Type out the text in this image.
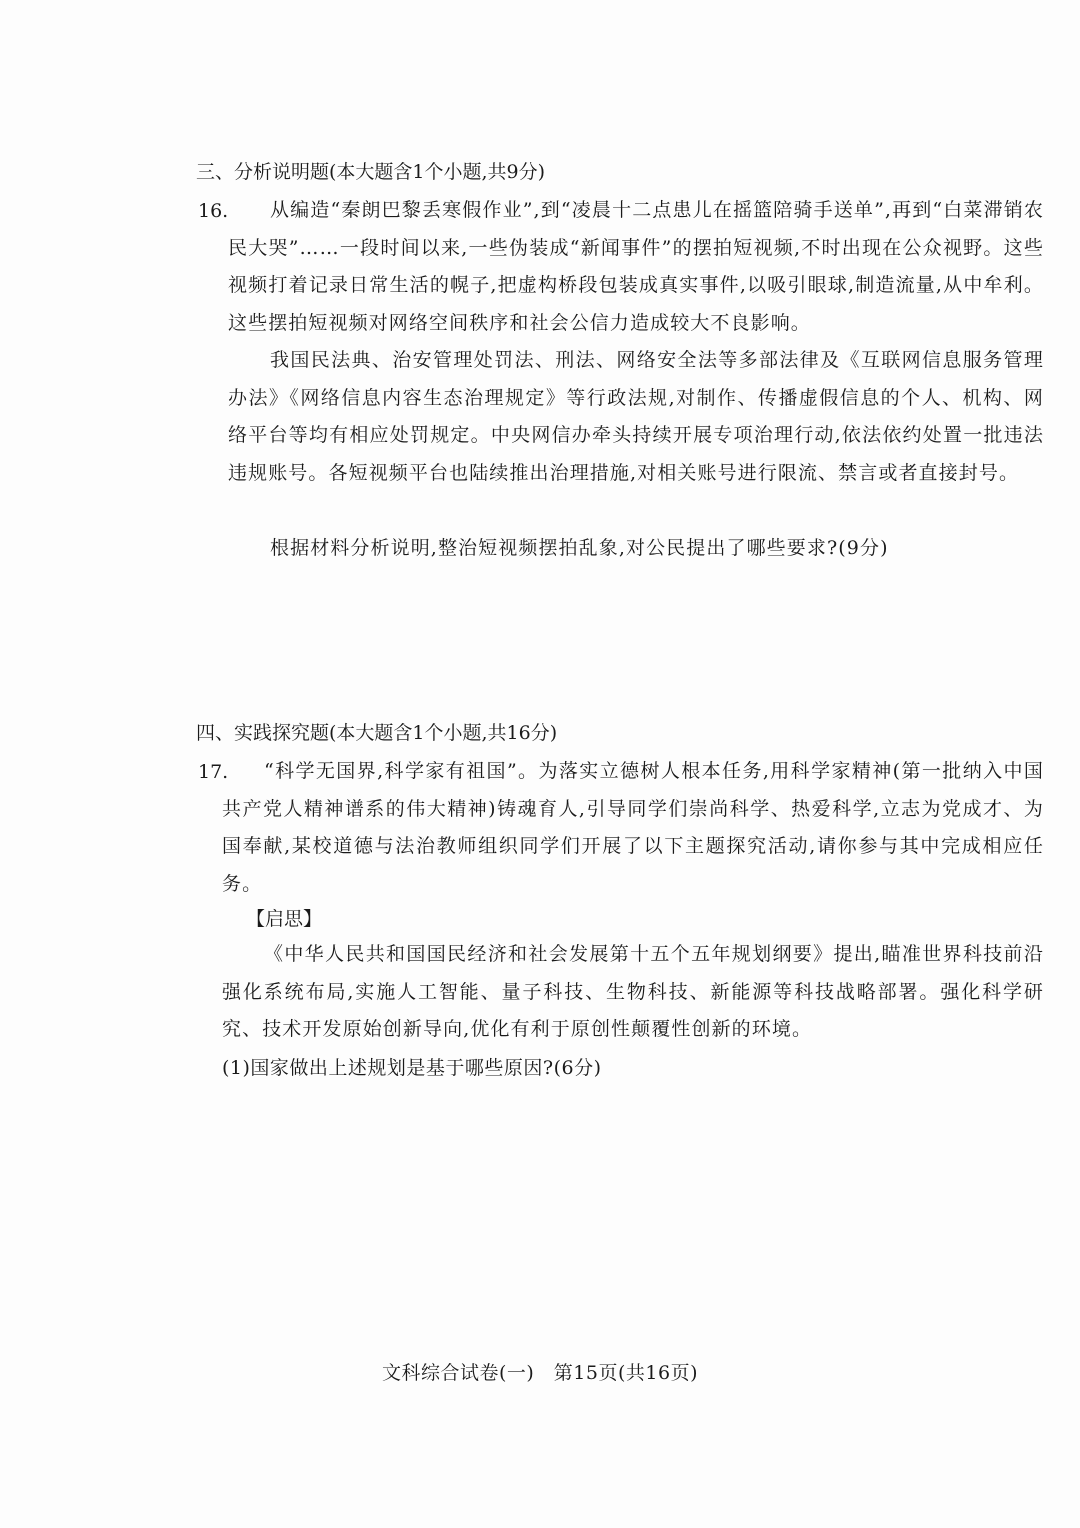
三、分析说明题(本大题含1个小题,共9分)
16.	从编造“秦朗巴黎丢寒假作业”,到“凌晨十二点患儿在摇篮陪骑手送单”,再到“白菜滞销农民大哭”……一段时间以来,一些伪装成“新闻事件”的摆拍短视频,不时出现在公众视野。这些视频打着记录日常生活的幌子,把虚构桥段包装成真实事件,以吸引眼球,制造流量,从中牟利。这些摆拍短视频对网络空间秩序和社会公信力造成较大不良影响。
我国民法典、治安管理处罚法、刑法、网络安全法等多部法律及《互联网信息服务管理办法》《网络信息内容生态治理规定》等行政法规,对制作、传播虚假信息的个人、机构、网络平台等均有相应处罚规定。中央网信办牵头持续开展专项治理行动,依法依约处置一批违法违规账号。各短视频平台也陆续推出治理措施,对相关账号进行限流、禁言或者直接封号。
根据材料分析说明,整治短视频摆拍乱象,对公民提出了哪些要求?(9分)
四、实践探究题(本大题含1个小题,共16分)
17.	“科学无国界,科学家有祖国”。为落实立德树人根本任务,用科学家精神(第一批纳入中国共产党人精神谱系的伟大精神)铸魂育人,引导同学们崇尚科学、热爱科学,立志为党成才、为国奉献,某校道德与法治教师组织同学们开展了以下主题探究活动,请你参与其中完成相应任务。
【启思】
《中华人民共和国国民经济和社会发展第十五个五年规划纲要》提出,瞄准世界科技前沿强化系统布局,实施人工智能、量子科技、生物科技、新能源等科技战略部署。强化科学研究、技术开发原始创新导向,优化有利于原创性颠覆性创新的环境。
(1)国家做出上述规划是基于哪些原因?(6分)
文科综合试卷(一)　第15页(共16页)
